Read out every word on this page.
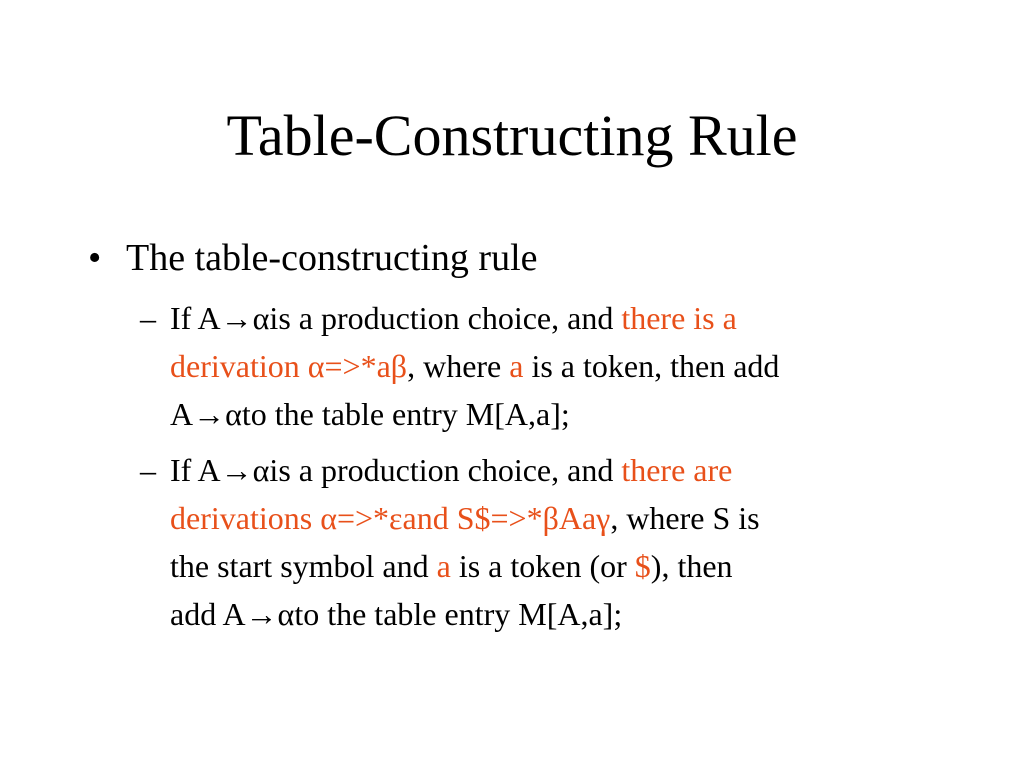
Table-Constructing Rule
• The table-constructing rule
– If A→αis a production choice, and there is a
derivation α=>*aβ, where a is a token, then add
A→αto the table entry M[A,a];
– If A→αis a production choice, and there are
derivations α=>*εand S$=>*βAaγ, where S is
the start symbol and a is a token (or $), then
add A→αto the table entry M[A,a];
